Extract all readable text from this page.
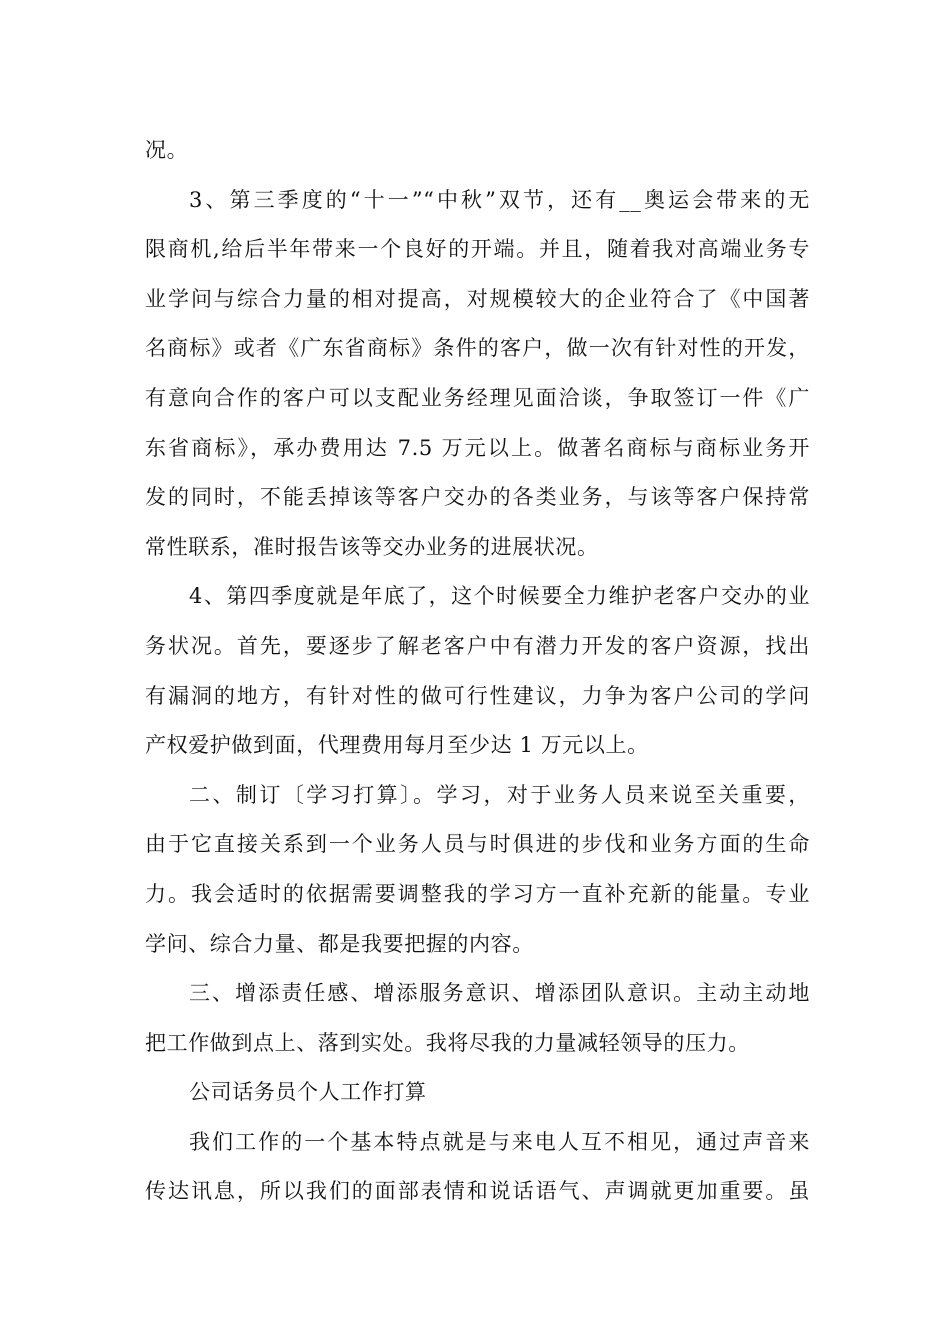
况。
3、第三季度的“十一”“中秋”双节，还有__奥运会带来的无
限商机,给后半年带来一个良好的开端。并且，随着我对高端业务专
业学问与综合力量的相对提高，对规模较大的企业符合了《中国著
名商标》或者《广东省商标》条件的客户，做一次有针对性的开发，
有意向合作的客户可以支配业务经理见面洽谈，争取签订一件《广
东省商标》，承办费用达 7.5 万元以上。做著名商标与商标业务开
发的同时，不能丢掉该等客户交办的各类业务，与该等客户保持常
常性联系，准时报告该等交办业务的进展状况。
4、第四季度就是年底了，这个时候要全力维护老客户交办的业
务状况。首先，要逐步了解老客户中有潜力开发的客户资源，找出
有漏洞的地方，有针对性的做可行性建议，力争为客户公司的学问
产权爱护做到面，代理费用每月至少达 1 万元以上。
二、制订〔学习打算〕。学习，对于业务人员来说至关重要，
由于它直接关系到一个业务人员与时俱进的步伐和业务方面的生命
力。我会适时的依据需要调整我的学习方一直补充新的能量。专业
学问、综合力量、都是我要把握的内容。
三、增添责任感、增添服务意识、增添团队意识。主动主动地
把工作做到点上、落到实处。我将尽我的力量减轻领导的压力。
公司话务员个人工作打算
我们工作的一个基本特点就是与来电人互不相见，通过声音来
传达讯息，所以我们的面部表情和说话语气、声调就更加重要。虽
